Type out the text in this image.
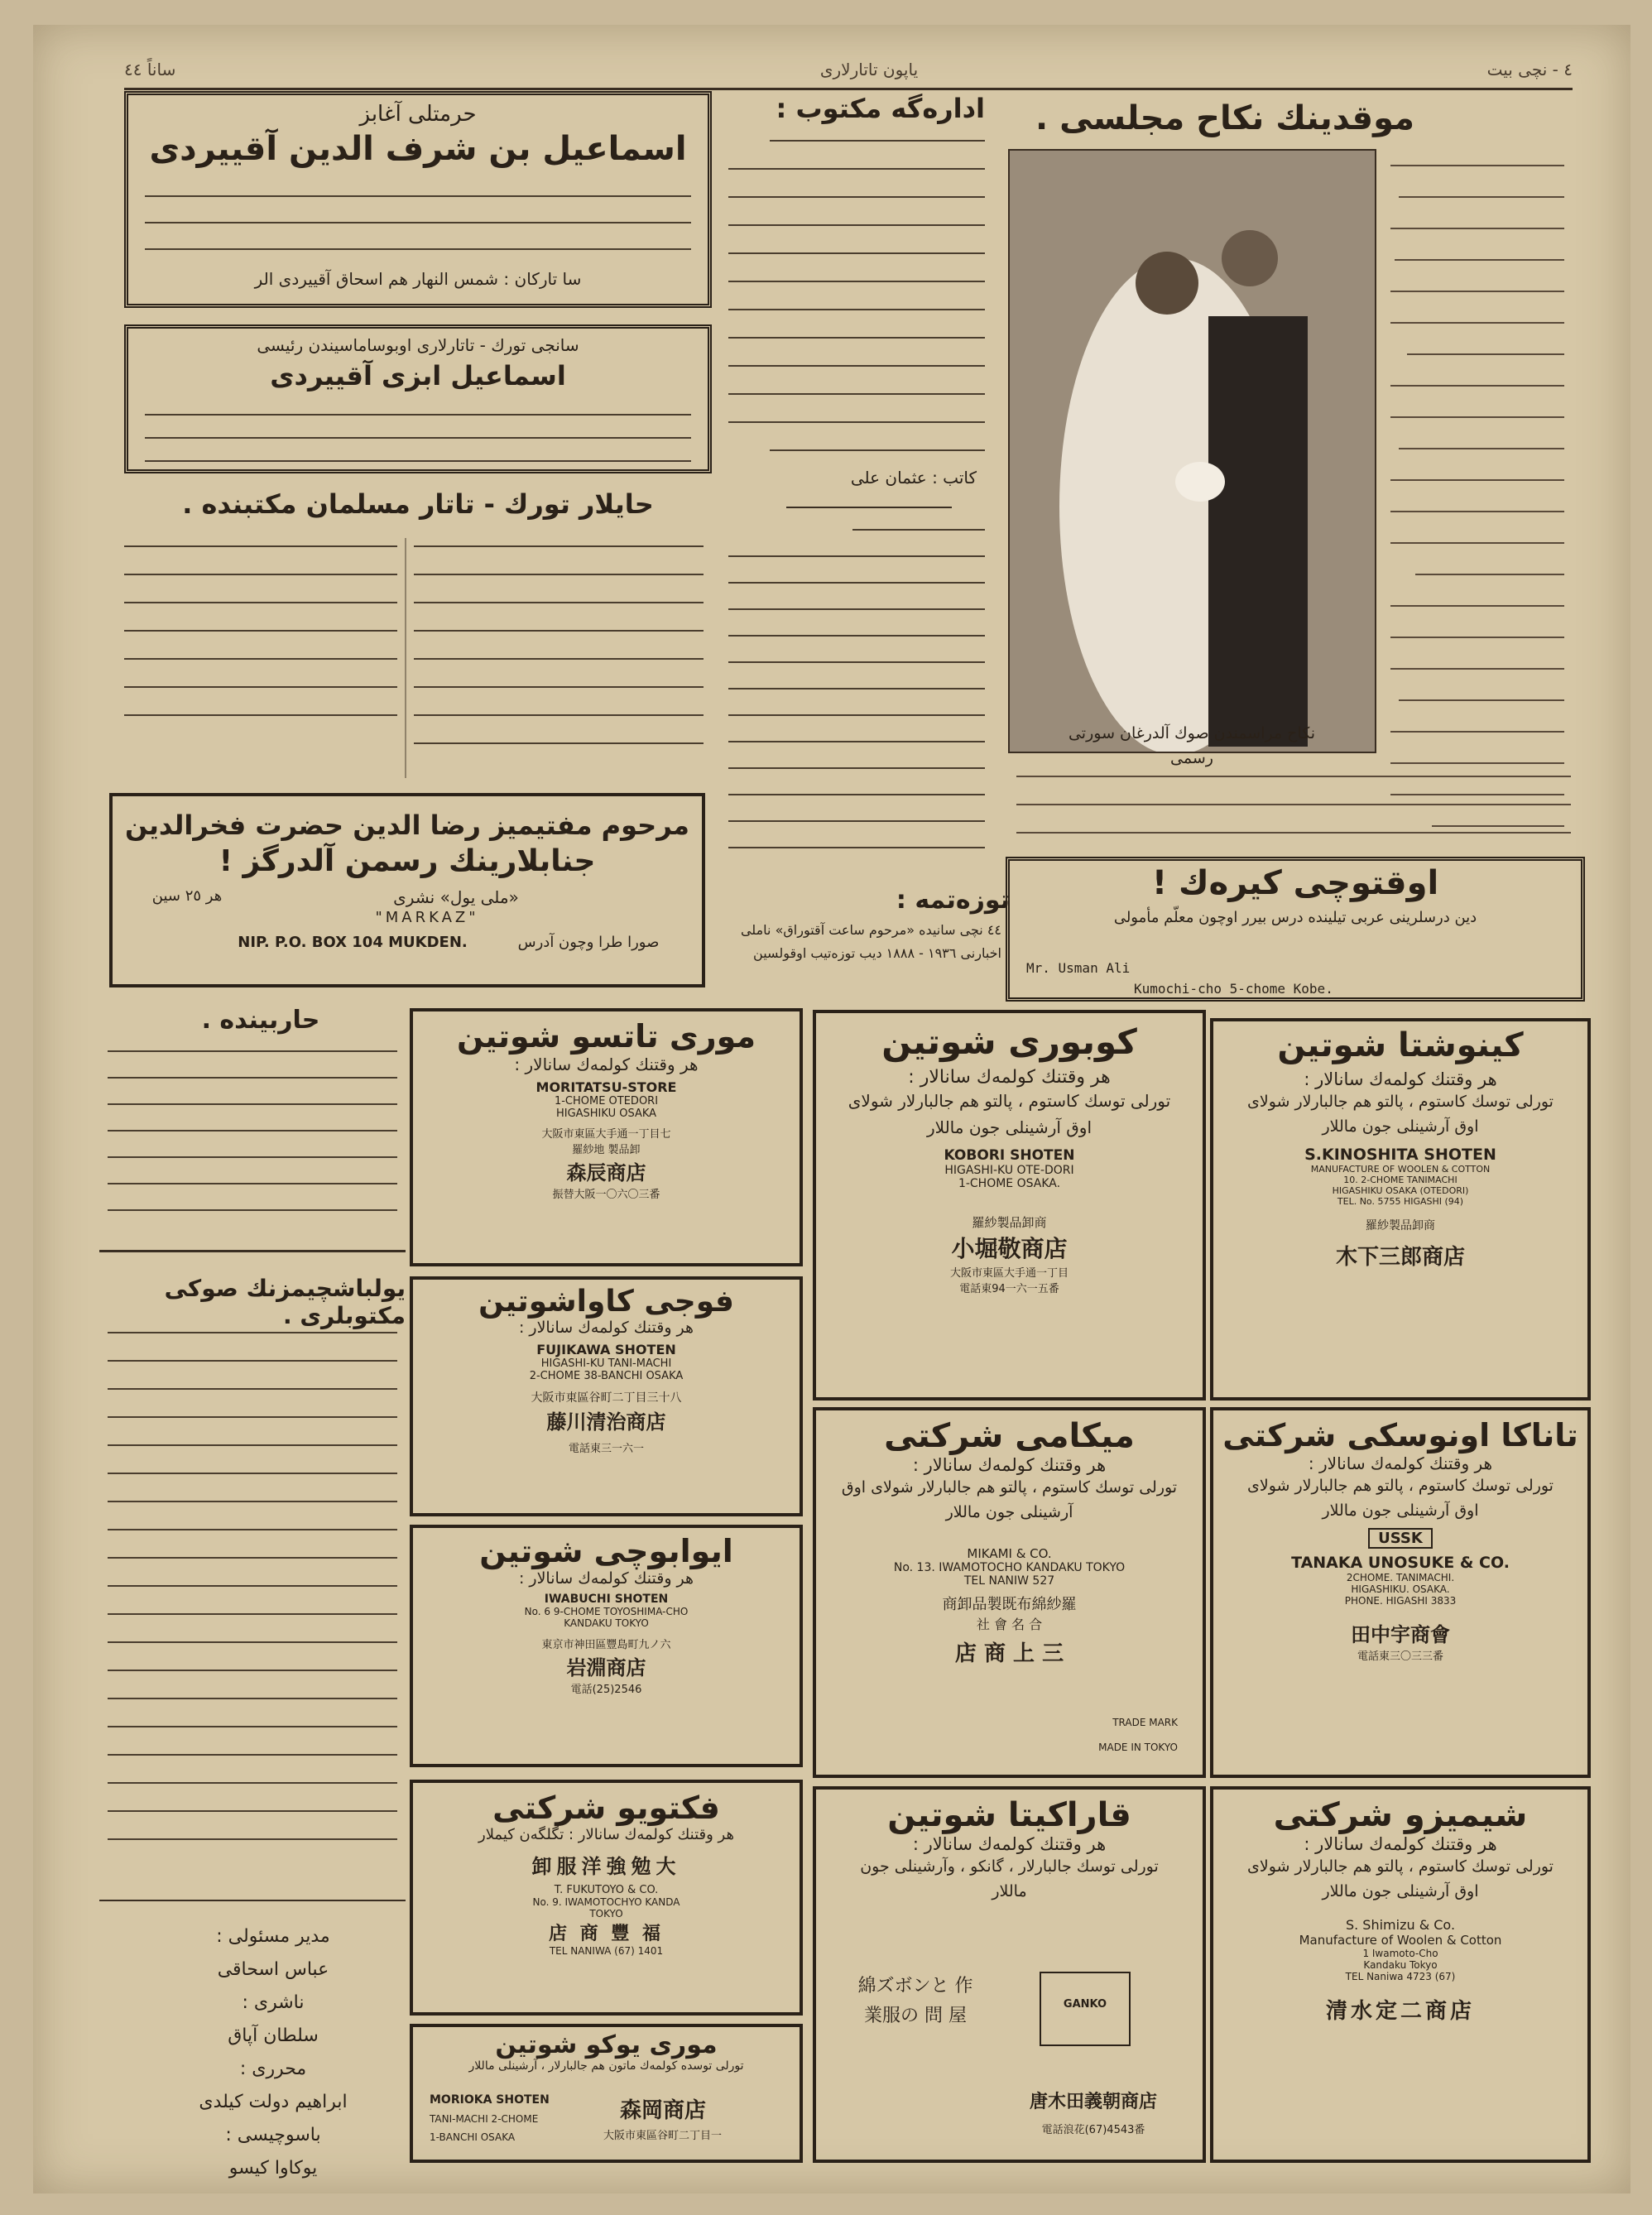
ساناً ٤٤	یاپون تاتارلاری	٤ - نچی بیت
موقدینك نكاح مجلسی .
نكاح مراسمندن صوك آلدرغان سورتی
رسمی
حرمتلی آغابز
اسماعیل بن شرف الدین آقییردی
سا تاركان : شمس النهار هم اسحاق آقییردی الر
سانجی تورك - تاتارلاری اوبوساماسیندن رئیسی
اسماعیل ابزی آقییردی
ادارەگە مكتوب :
كاتب : عثمان علی
حایلار تورك - تاتار مسلمان مكتبندە .
مرحوم مفتیمیز رضا الدین حضرت فخرالدین
جنابلارینك رسمن آلدرگز !
«ملی یول» نشری
هر ٢٥ سین
"MARKAZ"
NIP. P.O. BOX 104 MUKDEN.	صورا طرا وچون آدرس
توزەتمە :
٤٤ نچی سانیدە «مرحوم ساعت آقتوراق» ناملی اخبارنی ١٩٣٦ - ١٨٨٨ دیب توزەتیب اوقولسین
اوقتوچی كیرەك !
دین درسلرینی عربی تیلیندە درس بیرر اوچون معلّم مأمولی
Mr. Usman Ali
Kumochi-cho 5-chome Kobe.
حاربینده .
یولباشچیمزنك صوكی مكتوبلری .
مدیر مسئولی :
عباس اسحاقی
ناشری :
سلطان آپاق
محرری :
ابراهیم دولت كیلدی
باسوچیسی :
یوكاوا كیسو
موری تاتسو شوتین
هر وقتنك كولمەك سانالار :
MORITATSU-STORE
1-CHOME OTEDORI
HIGASHIKU OSAKA
大阪市東區大手通一丁目七
羅紗地 製品卸
森辰商店
振替大阪一〇六〇三番
كوبوری شوتین
هر وقتنك كولمەك سانالار :
تورلی توسك كاستوم ، پالتو هم جالبارلار شولای اوق آرشینلی جون ماللار
KOBORI SHOTEN
HIGASHI-KU OTE-DORI
1-CHOME OSAKA.
羅紗製品卸商
小堀敬商店
大阪市東區大手通一丁目
電話東94一六一五番
كینوشتا شوتین
هر وقتنك كولمەك سانالار :
تورلی توسك كاستوم ، پالتو هم جالبارلار شولای اوق آرشینلی جون ماللار
S.KINOSHITA SHOTEN
MANUFACTURE OF WOOLEN & COTTON
10. 2-CHOME TANIMACHI
HIGASHIKU OSAKA (OTEDORI)
TEL. No. 5755 HIGASHI (94)
羅紗製品卸商
木下三郎商店
فوجی كاواشوتین
هر وقتنك كولمەك سانالار :
FUJIKAWA SHOTEN
HIGASHI-KU TANI-MACHI
2-CHOME 38-BANCHI OSAKA
大阪市東區谷町二丁目三十八
藤川清治商店
電話東三一六一	میكامی شركتی
هر وقتنك كولمەك سانالار :
تورلی توسك كاستوم ، پالتو هم جالبارلار شولای اوق آرشینلی جون ماللار
MIKAMI & CO.
No. 13. IWAMOTOCHO KANDAKU TOKYO
TEL NANIW 527
商卸品製既布綿紗羅
社 會 名 合
店 商 上 三
TRADE MARK
MADE IN TOKYO
تاناكا اونوسكی شركتی
هر وقتنك كولمەك سانالار :
تورلی توسك كاستوم ، پالتو هم جالبارلار شولای اوق آرشینلی جون ماللار
USSK
TANAKA UNOSUKE & CO.
2CHOME. TANIMACHI.
HIGASHIKU. OSAKA.
PHONE. HIGASHI 3833
田中宇商會
電話東三〇三三番
ایوابوچی شوتین
هر وقتنك كولمەك سانالار :
IWABUCHI SHOTEN
No. 6 9-CHOME TOYOSHIMA-CHO
KANDAKU TOKYO
東京市神田區豐島町九ノ六
岩淵商店
電話(25)2546
فكتویو شركتی
هر وقتنك كولمەك سانالار : تگلگەن كیملار
卸服洋強勉大
T. FUKUTOYO & CO.
No. 9. IWAMOTOCHYO KANDA
TOKYO
店 商 豐 福
TEL NANIWA (67) 1401
قاراكیتا شوتین
هر وقتنك كولمەك سانالار :
تورلی توسك جالبارلار ، گانكو ، وآرشینلی جون ماللار
綿ズボンと 作業服の 問 屋
GANKO
唐木田義朝商店
電話浪花(67)4543番
شیمیزو شركتی
هر وقتنك كولمەك سانالار :
تورلی توسك كاستوم ، پالتو هم جالبارلار شولای اوق آرشینلی جون ماللار
S. Shimizu & Co.
Manufacture of Woolen & Cotton
1 Iwamoto-Cho
Kandaku Tokyo
TEL Naniwa 4723 (67)
清水定二商店
موری یوكو شوتین
تورلی توسدە كولمەك ماتون هم جالبارلار ، آرشینلی ماللار
MORIOKA SHOTEN
TANI-MACHI 2-CHOME
1-BANCHI OSAKA
森岡商店
大阪市東區谷町二丁目一
